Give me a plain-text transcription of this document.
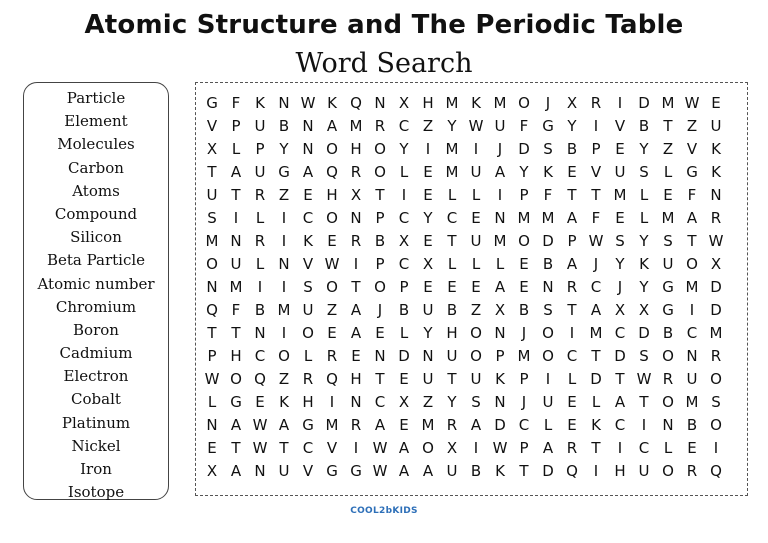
Atomic Structure and The Periodic Table
Word Search
Particle
Element
Molecules
Carbon
Atoms
Compound
Silicon
Beta Particle
Atomic number
Chromium
Boron
Cadmium
Electron
Cobalt
Platinum
Nickel
Iron
Isotope
G F K N W K Q N X H M K M O	J	X R	I	D M W E
V P U B N A M R C Z Y W U F G Y	I	V B T Z U
X L	P Y N O H O Y	I	M	I	J	D S B P E Y Z V K
T A U G A Q R O L	E M U A Y K E V U S	L G K
U T R Z E H X T	I	E	L	L	I	P	F	T T M L	E F N
S	I	L	I	C O N P C Y C E N M M A F E	L M A R
M N R	I	K E R B X E T U M O D P W S Y S T W
O U L N V W I	P C X L	L	L	E B A	J	Y K U O X
N M	I	I	S O T O P E E E A E N R C	J	Y G M D
Q F B M U Z A	J	B U B Z X B S T A X X G	I	D
T T N	I	O E A E	L	Y H O N	J	O	I	M C D B C M
P H C O L R E N D N U O P M O C T D S O N R
W O Q Z R Q H T E U T U K P	I	L D T W R U O
L G E K H	I	N C X Z Y S N	J	U E	L A T O M S
N A W A G M R A E M R A D C L	E K C	I	N B O
E T W T C V	I W A O X	I W P A R T	I	C L	E	I
X A N U V G G W A A U B K T D Q	I	H U O R Q
COOL2bKIDS
